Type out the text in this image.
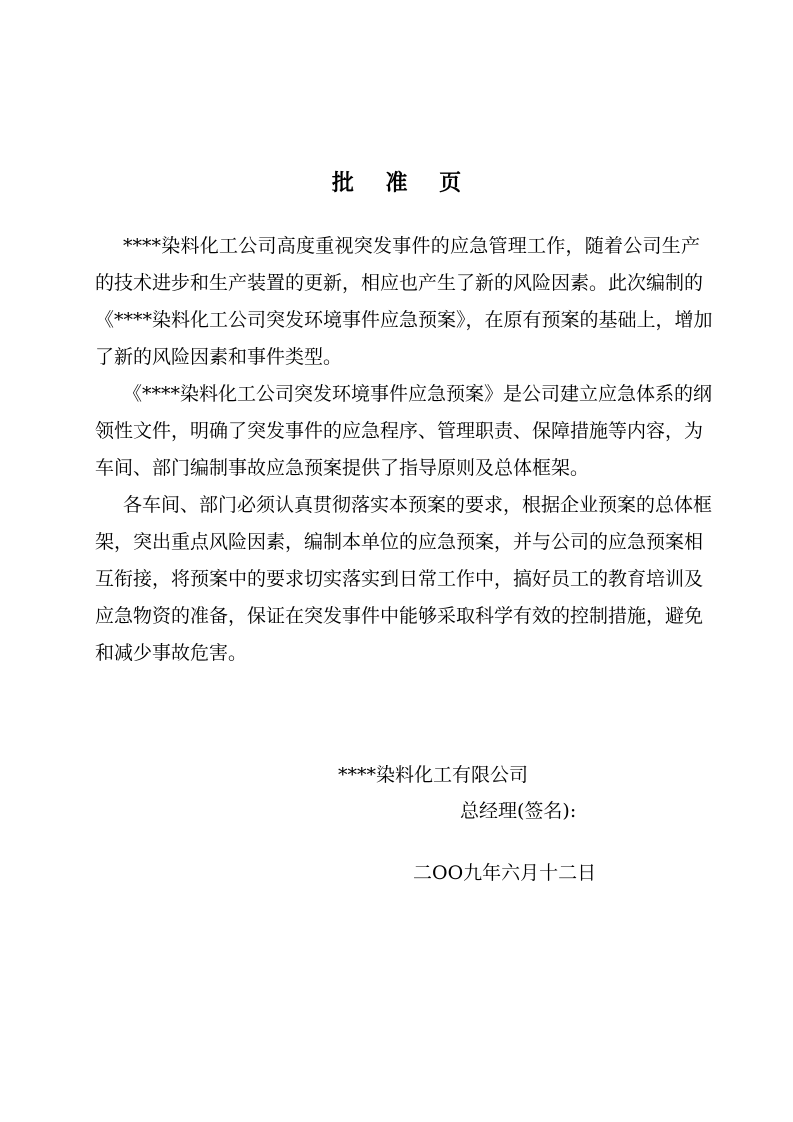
批 准 页
****染料化工公司高度重视突发事件的应急管理工作，随着公司生产
的技术进步和生产装置的更新，相应也产生了新的风险因素。此次编制的
《****染料化工公司突发环境事件应急预案》，在原有预案的基础上，增加
了新的风险因素和事件类型。
《****染料化工公司突发环境事件应急预案》是公司建立应急体系的纲
领性文件，明确了突发事件的应急程序、管理职责、保障措施等内容，为
车间、部门编制事故应急预案提供了指导原则及总体框架。
各车间、部门必须认真贯彻落实本预案的要求，根据企业预案的总体框
架，突出重点风险因素，编制本单位的应急预案，并与公司的应急预案相
互衔接，将预案中的要求切实落实到日常工作中，搞好员工的教育培训及
应急物资的准备，保证在突发事件中能够采取科学有效的控制措施，避免
和减少事故危害。
****染料化工有限公司
总经理(签名):
二OO九年六月十二日
